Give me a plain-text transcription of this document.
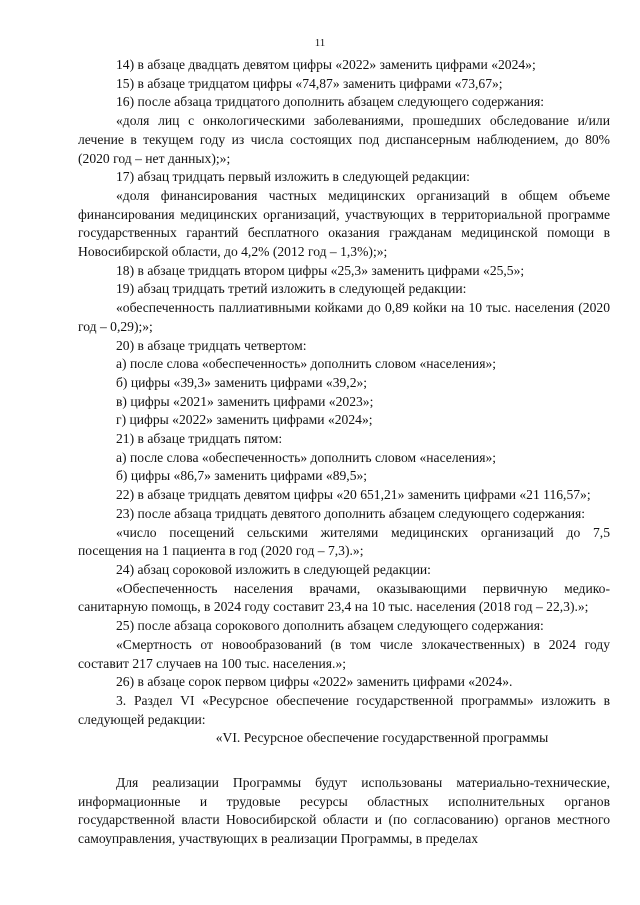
11

14) в абзаце двадцать девятом цифры «2022» заменить цифрами «2024»;

15) в абзаце тридцатом цифры «74,87» заменить цифрами «73,67»;

16) после абзаца тридцатого дополнить абзацем следующего содержания:

«доля лиц с онкологическими заболеваниями, прошедших обследование и/или лечение в текущем году из числа состоящих под диспансерным наблюдением, до 80% (2020 год – нет данных);»;

17) абзац тридцать первый изложить в следующей редакции:

«доля финансирования частных медицинских организаций в общем объеме финансирования медицинских организаций, участвующих в территориальной программе государственных гарантий бесплатного оказания гражданам медицинской помощи в Новосибирской области, до 4,2% (2012 год – 1,3%);»;

18) в абзаце тридцать втором цифры «25,3» заменить цифрами «25,5»;

19) абзац тридцать третий изложить в следующей редакции:

«обеспеченность паллиативными койками до 0,89 койки на 10 тыс. населения (2020 год – 0,29);»;

20) в абзаце тридцать четвертом:

а) после слова «обеспеченность» дополнить словом «населения»;

б) цифры «39,3» заменить цифрами «39,2»;

в) цифры «2021» заменить цифрами «2023»;

г) цифры «2022» заменить цифрами «2024»;

21) в абзаце тридцать пятом:

а) после слова «обеспеченность» дополнить словом «населения»;

б) цифры «86,7» заменить цифрами «89,5»;

22) в абзаце тридцать девятом цифры «20 651,21» заменить цифрами «21 116,57»;

23) после абзаца тридцать девятого дополнить абзацем следующего содержания:

«число посещений сельскими жителями медицинских организаций до 7,5 посещения на 1 пациента в год (2020 год – 7,3).»;

24) абзац сороковой изложить в следующей редакции:

«Обеспеченность населения врачами, оказывающими первичную медико-санитарную помощь, в 2024 году составит 23,4 на 10 тыс. населения (2018 год – 22,3).»;

25) после абзаца сорокового дополнить абзацем следующего содержания:

«Смертность от новообразований (в том числе злокачественных) в 2024 году составит 217 случаев на 100 тыс. населения.»;

26) в абзаце сорок первом цифры «2022» заменить цифрами «2024».

3. Раздел VI «Ресурсное обеспечение государственной программы» изложить в следующей редакции:

«VI. Ресурсное обеспечение государственной программы

Для реализации Программы будут использованы материально-технические, информационные и трудовые ресурсы областных исполнительных органов государственной власти Новосибирской области и (по согласованию) органов местного самоуправления, участвующих в реализации Программы, в пределах
